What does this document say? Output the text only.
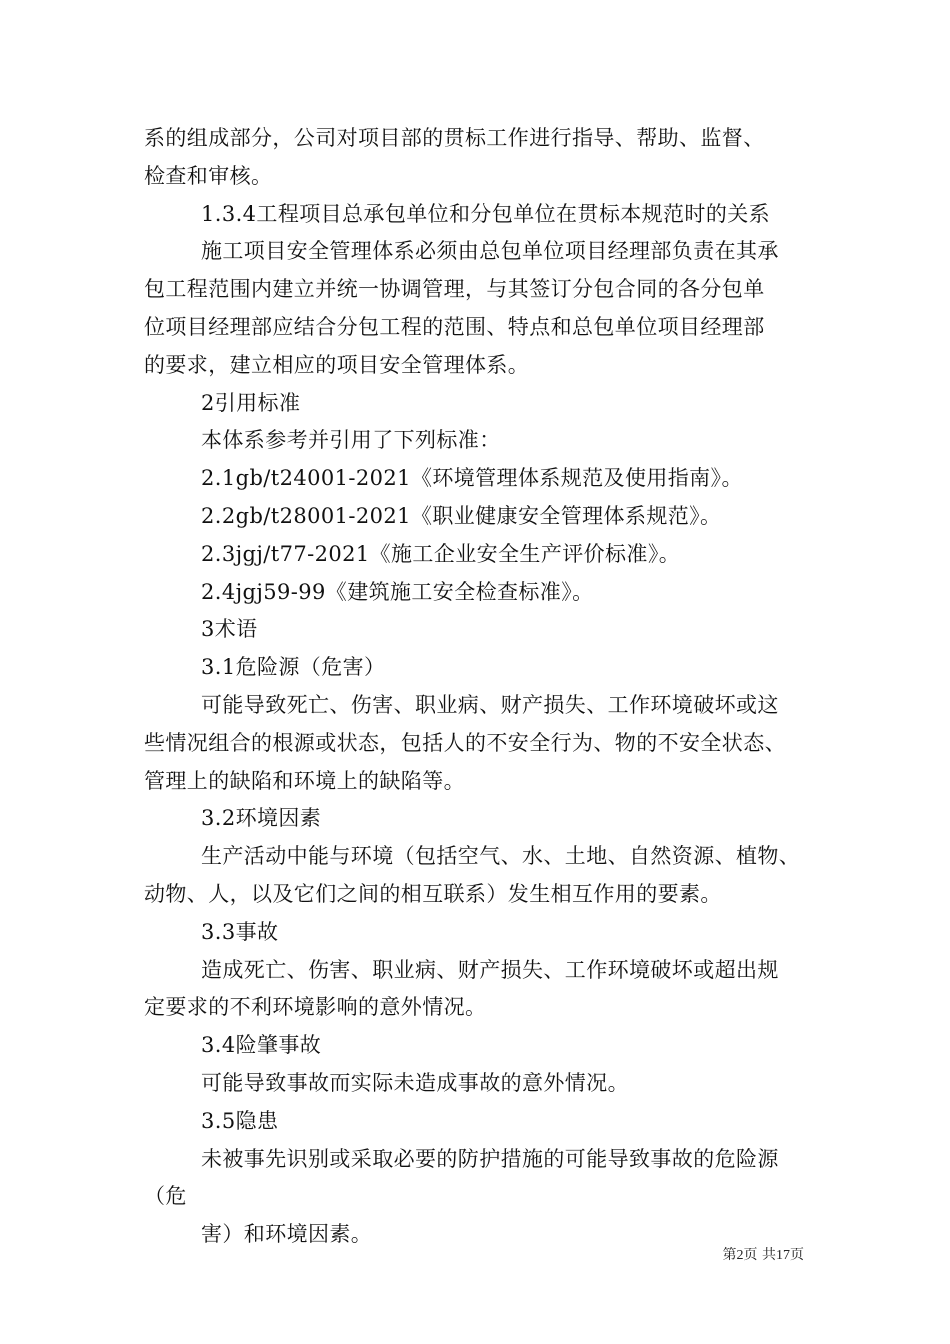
系的组成部分，公司对项目部的贯标工作进行指导、帮助、监督、
检查和审核。
1.3.4工程项目总承包单位和分包单位在贯标本规范时的关系
施工项目安全管理体系必须由总包单位项目经理部负责在其承
包工程范围内建立并统一协调管理，与其签订分包合同的各分包单
位项目经理部应结合分包工程的范围、特点和总包单位项目经理部
的要求，建立相应的项目安全管理体系。
2引用标准
本体系参考并引用了下列标准：
2.1gb/t24001-2021《环境管理体系规范及使用指南》。
2.2gb/t28001-2021《职业健康安全管理体系规范》。
2.3jgj/t77-2021《施工企业安全生产评价标准》。
2.4jgj59-99《建筑施工安全检查标准》。
3术语
3.1危险源（危害）
可能导致死亡、伤害、职业病、财产损失、工作环境破坏或这
些情况组合的根源或状态，包括人的不安全行为、物的不安全状态、
管理上的缺陷和环境上的缺陷等。
3.2环境因素
生产活动中能与环境（包括空气、水、土地、自然资源、植物、
动物、人，以及它们之间的相互联系）发生相互作用的要素。
3.3事故
造成死亡、伤害、职业病、财产损失、工作环境破坏或超出规
定要求的不利环境影响的意外情况。
3.4险肇事故
可能导致事故而实际未造成事故的意外情况。
3.5隐患
未被事先识别或采取必要的防护措施的可能导致事故的危险源
（危
害）和环境因素。
第2页 共17页
